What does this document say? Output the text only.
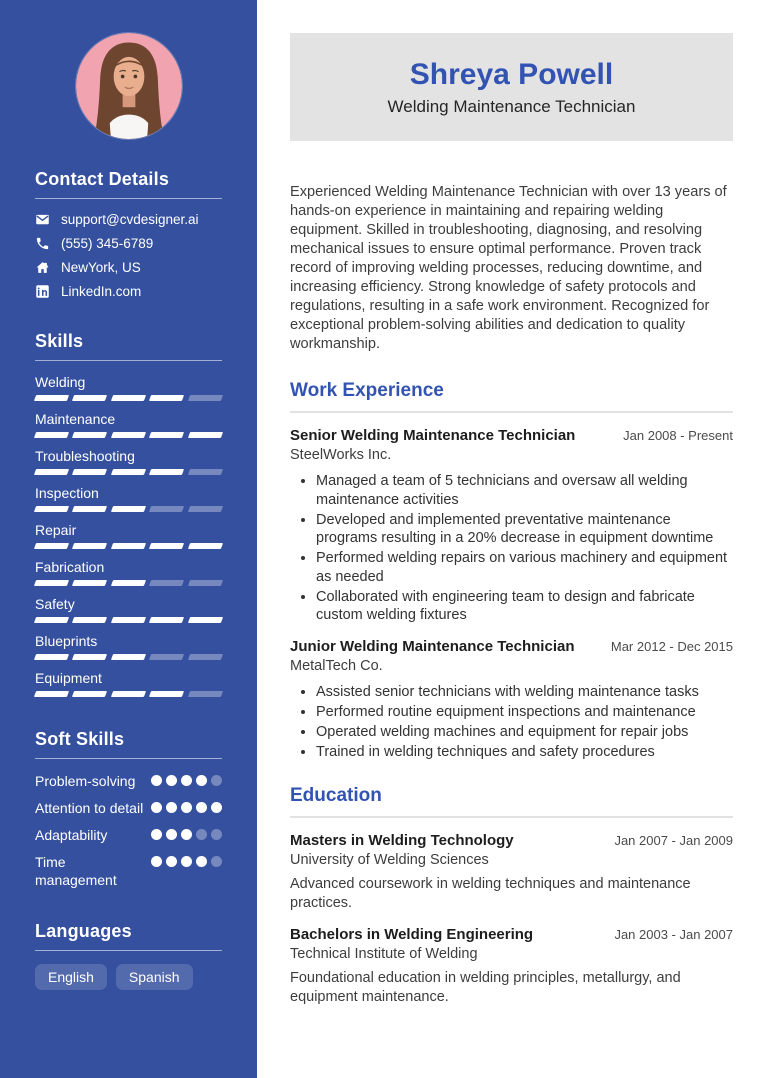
Contact Details
support@cvdesigner.ai
(555) 345-6789
NewYork, US
LinkedIn.com
Skills
Welding
Maintenance
Troubleshooting
Inspection
Repair
Fabrication
Safety
Blueprints
Equipment
Soft Skills
Problem-solving
Attention to detail
Adaptability
Time management
Languages
English	Spanish
Shreya Powell
Welding Maintenance Technician

Experienced Welding Maintenance Technician with over 13 years of hands-on experience in maintaining and repairing welding equipment. Skilled in troubleshooting, diagnosing, and resolving mechanical issues to ensure optimal performance. Proven track record of improving welding processes, reducing downtime, and increasing efficiency. Strong knowledge of safety protocols and regulations, resulting in a safe work environment. Recognized for exceptional problem-solving abilities and dedication to quality workmanship.

Work Experience
Senior Welding Maintenance Technician	Jan 2008 - Present
SteelWorks Inc.
• Managed a team of 5 technicians and oversaw all welding maintenance activities
• Developed and implemented preventative maintenance programs resulting in a 20% decrease in equipment downtime
• Performed welding repairs on various machinery and equipment as needed
• Collaborated with engineering team to design and fabricate custom welding fixtures
Junior Welding Maintenance Technician	Mar 2012 - Dec 2015
MetalTech Co.
• Assisted senior technicians with welding maintenance tasks
• Performed routine equipment inspections and maintenance
• Operated welding machines and equipment for repair jobs
• Trained in welding techniques and safety procedures
Education
Masters in Welding Technology	Jan 2007 - Jan 2009
University of Welding Sciences
Advanced coursework in welding techniques and maintenance practices.
Bachelors in Welding Engineering	Jan 2003 - Jan 2007
Technical Institute of Welding
Foundational education in welding principles, metallurgy, and equipment maintenance.
